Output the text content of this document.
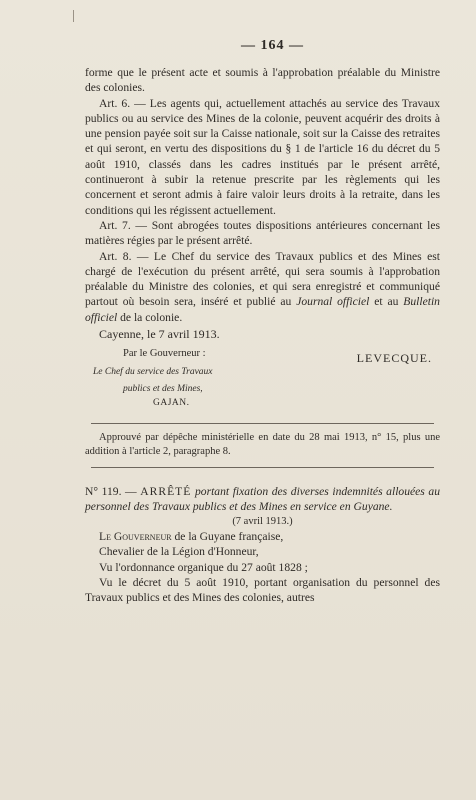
— 164 —

forme que le présent acte et soumis à l'approbation préalable du Ministre des colonies.

Art. 6. — Les agents qui, actuellement attachés au service des Travaux publics ou au service des Mines de la colonie, peuvent acquérir des droits à une pension payée soit sur la Caisse nationale, soit sur la Caisse des retraites et qui seront, en vertu des dispositions du § 1 de l'article 16 du décret du 5 août 1910, classés dans les cadres institués par le présent arrêté, continueront à subir la retenue prescrite par les règlements qui les concernent et seront admis à faire valoir leurs droits à la retraite, dans les conditions qui les régissent actuellement.

Art. 7. — Sont abrogées toutes dispositions antérieures concernant les matières régies par le présent arrêté.

Art. 8. — Le Chef du service des Travaux publics et des Mines est chargé de l'exécution du présent arrêté, qui sera soumis à l'approbation préalable du Ministre des colonies, et qui sera enregistré et communiqué partout où besoin sera, inséré et publié au Journal officiel et au Bulletin officiel de la colonie.

Cayenne, le 7 avril 1913.
Par le Gouverneur :	LEVECQUE.
Le Chef du service des Travaux
publics et des Mines,
GAJAN.

Approuvé par dépêche ministérielle en date du 28 mai 1913, n° 15, plus une addition à l'article 2, paragraphe 8.

N° 119. — ARRÊTÉ portant fixation des diverses indemnités allouées au personnel des Travaux publics et des Mines en service en Guyane.

(7 avril 1913.)

Le Gouverneur de la Guyane française,

Chevalier de la Légion d'Honneur,

Vu l'ordonnance organique du 27 août 1828 ;

Vu le décret du 5 août 1910, portant organisation du personnel des Travaux publics et des Mines des colonies, autres
